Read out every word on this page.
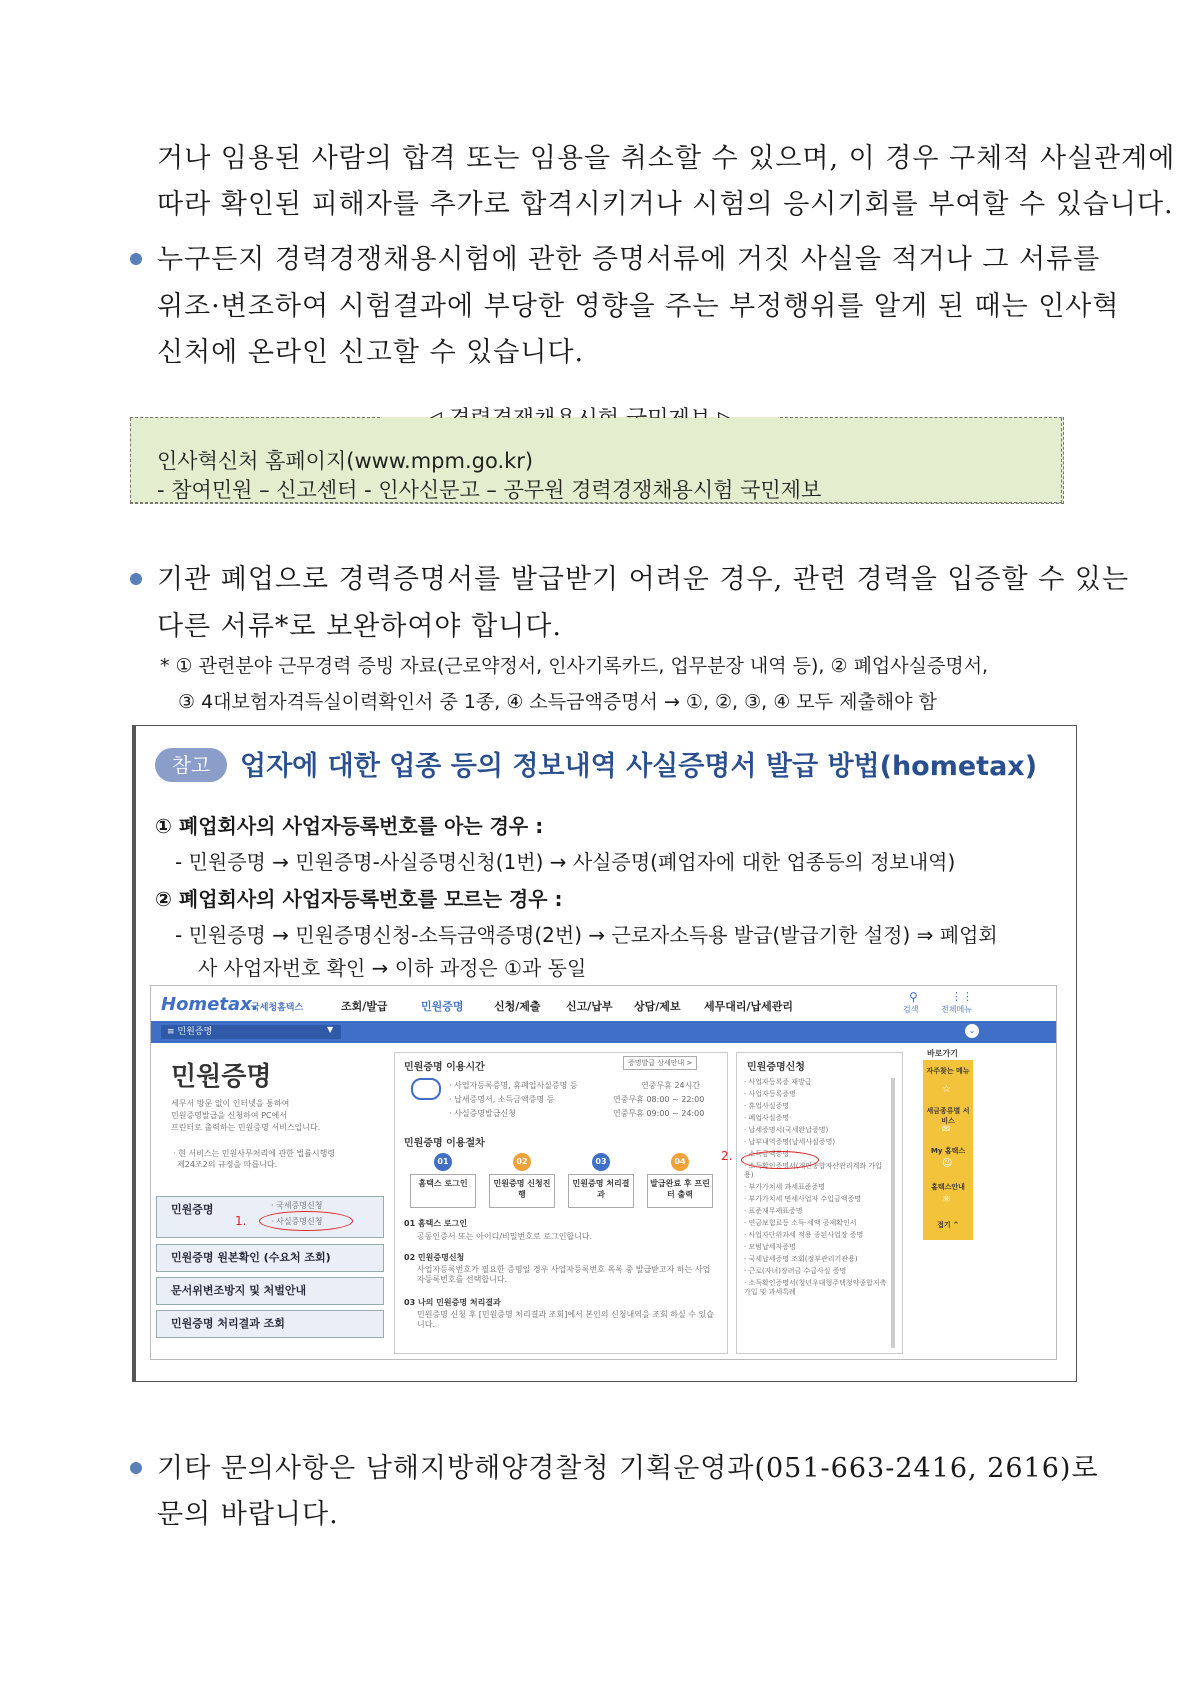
거나 임용된 사람의 합격 또는 임용을 취소할 수 있으며, 이 경우 구체적 사실관계에
따라 확인된 피해자를 추가로 합격시키거나 시험의 응시기회를 부여할 수 있습니다.
누구든지 경력경쟁채용시험에 관한 증명서류에 거짓 사실을 적거나 그 서류를
위조·변조하여 시험결과에 부당한 영향을 주는 부정행위를 알게 된 때는 인사혁
신처에 온라인 신고할 수 있습니다.
인사혁신처 홈페이지(www.mpm.go.kr)
- 참여민원 – 신고센터 - 인사신문고 – 공무원 경력경쟁채용시험 국민제보
기관 폐업으로 경력증명서를 발급받기 어려운 경우, 관련 경력을 입증할 수 있는
다른 서류*로 보완하여야 합니다.
* ① 관련분야 근무경력 증빙 자료(근로약정서, 인사기록카드, 업무분장 내역 등), ② 폐업사실증명서,
③ 4대보험자격득실이력확인서 중 1종, ④ 소득금액증명서 → ①, ②, ③, ④ 모두 제출해야 함
참고	업자에 대한 업종 등의 정보내역 사실증명서 발급 방법(hometax)
① 폐업회사의 사업자등록번호를 아는 경우 :
- 민원증명 → 민원증명-사실증명신청(1번) → 사실증명(폐업자에 대한 업종등의 정보내역)
② 폐업회사의 사업자등록번호를 모르는 경우 :
- 민원증명 → 민원증명신청-소득금액증명(2번) → 근로자소득용 발급(발급기한 설정) ⇒ 폐업회
사 사업자번호 확인 → 이하 과정은 ①과 동일
Hometax.
국세청홈택스	조회/발급	민원증명	신청/제출 신고/납부 상담/제보 세무대리/납세관리
⚲
검색
⋮⋮
전체메뉴
≡ 민원증명	▼	⌄
민원증명
세무서 방문 없이 인터넷을 통하여
민원증명발급을 신청하여 PC에서
프린터로 출력하는 민원증명 서비스입니다.
· 현 서비스는 민원사무처리에 관한 법률시행령
제24조2의 규정을 따릅니다.
민원증명	· 국세증명신청
· 사실증명신청
1.
민원증명 원본확인 (수요처 조회)
문서위변조방지 및 처벌안내
민원증명 처리결과 조회
민원증명 이용시간	증명발급 상세안내 >
· 사업자등록증명, 휴폐업사실증명 등	연중무휴 24시간
· 납세증명서, 소득금액증명 등	연중무휴 08:00 ~ 22:00
· 사실증명발급신청	연중무휴 09:00 ~ 24:00
민원증명 이용절차
01	02	03	04
홈택스 로그인	민원증명 신청진행
민원증명 처리결과
발급완료 후 프린터 출력
01 홈택스 로그인
공동인증서 또는 아이디/비밀번호로 로그인합니다.
02 민원증명신청
사업자등록번호가 필요한 증명일 경우 사업자등록번호 목록 중 발급받고자 하는 사업자등록번호를 선택합니다.
03 나의 민원증명 처리결과
민원증명 신청 후 [민원증명 처리결과 조회]에서 본인의 신청내역을 조회 하실 수 있습니다.
민원증명신청
· 사업자등록증 재발급
· 사업자등록증명
· 휴업사실증명
· 폐업사실증명
· 납세증명서(국세완납증명)
· 납부내역증명(납세사실증명)
· 소득금액증명
· 소득확인증명서(개인종합자산관리계좌 가입용)
· 부가가치세 과세표준증명
· 부가가치세 면세사업자 수입금액증명
· 표준재무제표증명
· 연금보험료등 소득·세액 공제확인서
· 사업자단위과세 적용 종된사업장 증명
· 모범납세자증명
· 국세납세증명 조회(정부관리기관용)
· 근로(자녀)장려금 수급사실 증명
· 소득확인증명서(청년우대형주택청약종합저축 가입 및 과세특례
2.
바로가기
자주찾는 메뉴
☆
세금종류별 서비스
✉
My 홈택스
☺
홈택스안내
⚛
접기 ^
기타 문의사항은 남해지방해양경찰청 기획운영과(051-663-2416, 2616)로
문의 바랍니다.
